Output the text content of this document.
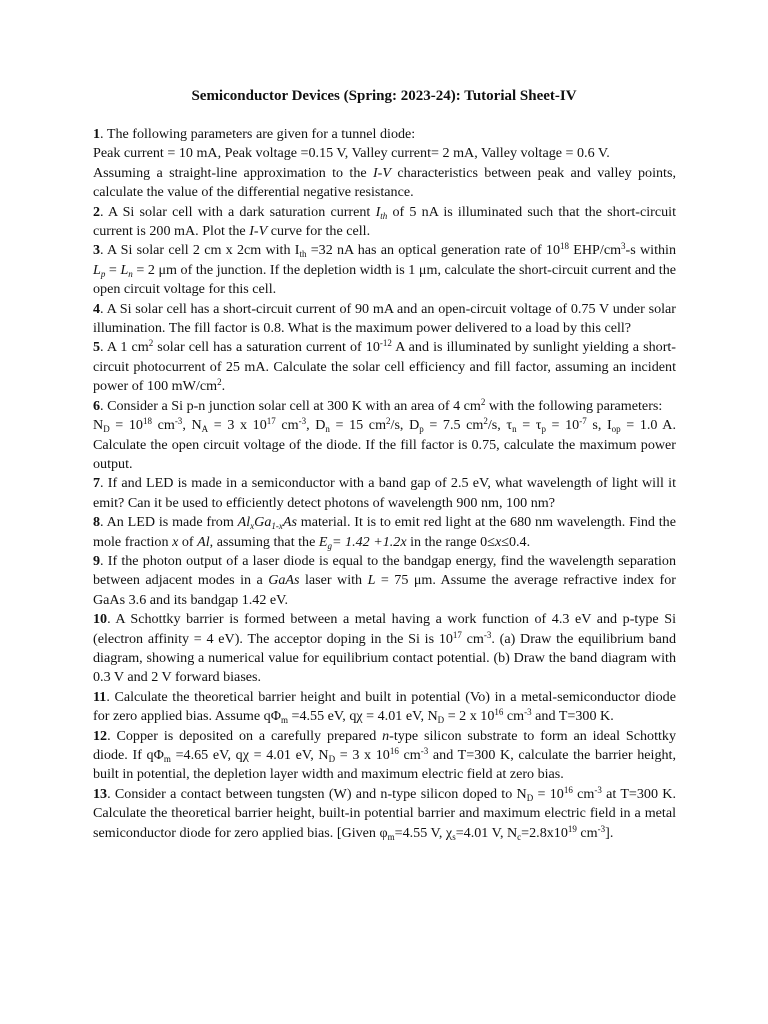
Semiconductor Devices (Spring: 2023-24): Tutorial Sheet-IV

1. The following parameters are given for a tunnel diode:
Peak current = 10 mA, Peak voltage =0.15 V, Valley current= 2 mA, Valley voltage = 0.6 V.
Assuming a straight-line approximation to the I-V characteristics between peak and valley points, calculate the value of the differential negative resistance.

2. A Si solar cell with a dark saturation current $I_{th}$ of 5 nA is illuminated such that the short-circuit current is 200 mA. Plot the I-V curve for the cell.

3. A Si solar cell 2 cm x 2cm with $I_{th} =32$ nA has an optical generation rate of $10^{18}$ EHP/$cm^3-s$ within $L_p = L_n = 2$ μm of the junction. If the depletion width is 1 μm, calculate the short-circuit current and the open circuit voltage for this cell.

4. A Si solar cell has a short-circuit current of 90 mA and an open-circuit voltage of 0.75 V under solar illumination. The fill factor is 0.8. What is the maximum power delivered to a load by this cell?

5. A 1 $cm^2$ solar cell has a saturation current of $10^{-12}$ A and is illuminated by sunlight yielding a short-circuit photocurrent of 25 mA. Calculate the solar cell efficiency and fill factor, assuming an incident power of 100 $mW/cm^2$.

6. Consider a Si p-n junction solar cell at 300 K with an area of 4 $cm^2$ with the following parameters:
$N_D = 10^{18}$ $cm^{-3}$, $N_A = 3$ x $10^{17}$ $cm^{-3}$, $D_n = 15$ $cm^2/s$, $D_p = 7.5$ $cm^2/s$, $\tau_n = \tau_p = 10^{-7}$ s, $I_{op} = 1.0$ A. Calculate the open circuit voltage of the diode. If the fill factor is 0.75, calculate the maximum power output.

7. If and LED is made in a semiconductor with a band gap of 2.5 eV, what wavelength of light will it emit? Can it be used to efficiently detect photons of wavelength 900 nm, 100 nm?

8. An LED is made from $Al_xGa_{1-x}As$ material. It is to emit red light at the 680 nm wavelength. Find the mole fraction x of Al, assuming that the $E_g= 1.42 +1.2x$ in the range 0≤x≤0.4.

9. If the photon output of a laser diode is equal to the bandgap energy, find the wavelength separation between adjacent modes in a GaAs laser with L = 75 μm. Assume the average refractive index for GaAs 3.6 and its bandgap 1.42 eV.

10. A Schottky barrier is formed between a metal having a work function of 4.3 eV and p-type Si (electron affinity = 4 eV). The acceptor doping in the Si is $10^{17}$ $cm^{-3}$. (a) Draw the equilibrium band diagram, showing a numerical value for equilibrium contact potential. (b) Draw the band diagram with 0.3 V and 2 V forward biases.

11. Calculate the theoretical barrier height and built in potential (Vo) in a metal-semiconductor diode for zero applied bias. Assume $q\Phi_m =4.55$ eV, qχ = 4.01 eV, $N_D = 2$ x $10^{16}$ $cm^{-3}$ and T=300 K.

12. Copper is deposited on a carefully prepared n-type silicon substrate to form an ideal Schottky diode. If $q\Phi_m =4.65$ eV, qχ = 4.01 eV, $N_D = 3$ x $10^{16}$ $cm^{-3}$ and T=300 K, calculate the barrier height, built in potential, the depletion layer width and maximum electric field at zero bias.

13. Consider a contact between tungsten (W) and n-type silicon doped to $N_D = 10^{16}$ $cm^{-3}$ at T=300 K. Calculate the theoretical barrier height, built-in potential barrier and maximum electric field in a metal semiconductor diode for zero applied bias. [Given $\varphi_m=4.55$ V, $\chi_s=4.01$ V, $N_c=2.8x10^{19}$ $cm^{-3}$].
